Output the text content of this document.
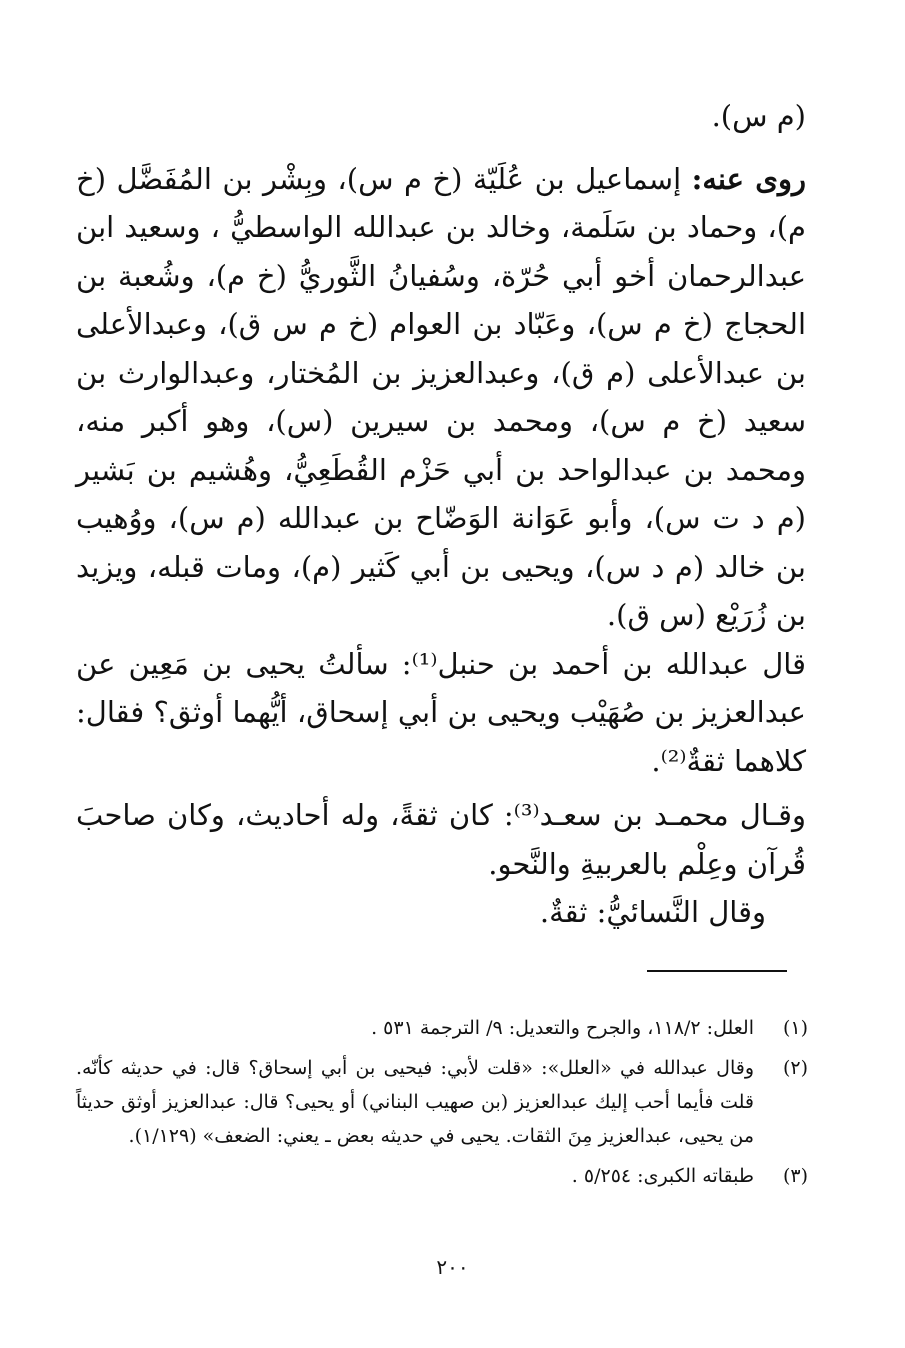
(م س).

روى عنه: إسماعيل بن عُلَيّة (خ م س)، وبِشْر بن المُفَضَّل (خ م)، وحماد بن سَلَمة، وخالد بن عبدالله الواسطيُّ ، وسعيد ابن عبدالرحمان أخو أبي حُرّة، وسُفيانُ الثَّوريُّ (خ م)، وشُعبة بن الحجاج (خ م س)، وعَبّاد بن العوام (خ م س ق)، وعبدالأعلى بن عبدالأعلى (م ق)، وعبدالعزيز بن المُختار، وعبدالوارث بن سعيد (خ م س)، ومحمد بن سيرين (س)، وهو أكبر منه، ومحمد بن عبدالواحد بن أبي حَزْم القُطَعِيُّ، وهُشيم بن بَشير (م د ت س)، وأبو عَوَانة الوَضّاح بن عبدالله (م س)، ووُهيب بن خالد (م د س)، ويحيى بن أبي كَثير (م)، ومات قبله، ويزيد بن زُرَيْع (س ق).

قال عبدالله بن أحمد بن حنبل⁽¹⁾: سألتُ يحيى بن مَعِين عن عبدالعزيز بن صُهَيْب ويحيى بن أبي إسحاق، أيُّهما أوثق؟ فقال: كلاهما ثقةٌ⁽²⁾.

وقـال محمـد بن سعـد⁽³⁾: كان ثقةً، وله أحاديث، وكان صاحبَ قُرآن وعِلْم بالعربيةِ والنَّحو.

وقال النَّسائيُّ: ثقةٌ.

(١)
العلل: ١١٨/٢، والجرح والتعديل: ٩/ الترجمة ٥٣١ .
(٢)
وقال عبدالله في «العلل»: «قلت لأبي: فيحيى بن أبي إسحاق؟ قال: في حديثه كأنّه. قلت فأيما أحب إليك عبدالعزيز (بن صهيب البناني) أو يحيى؟ قال: عبدالعزيز أوثق حديثاً من يحيى، عبدالعزيز مِنَ الثقات. يحيى في حديثه بعض ـ يعني: الضعف» (١/١٢٩).
(٣)
طبقاته الكبرى: ٥/٢٥٤ .
٢٠٠
